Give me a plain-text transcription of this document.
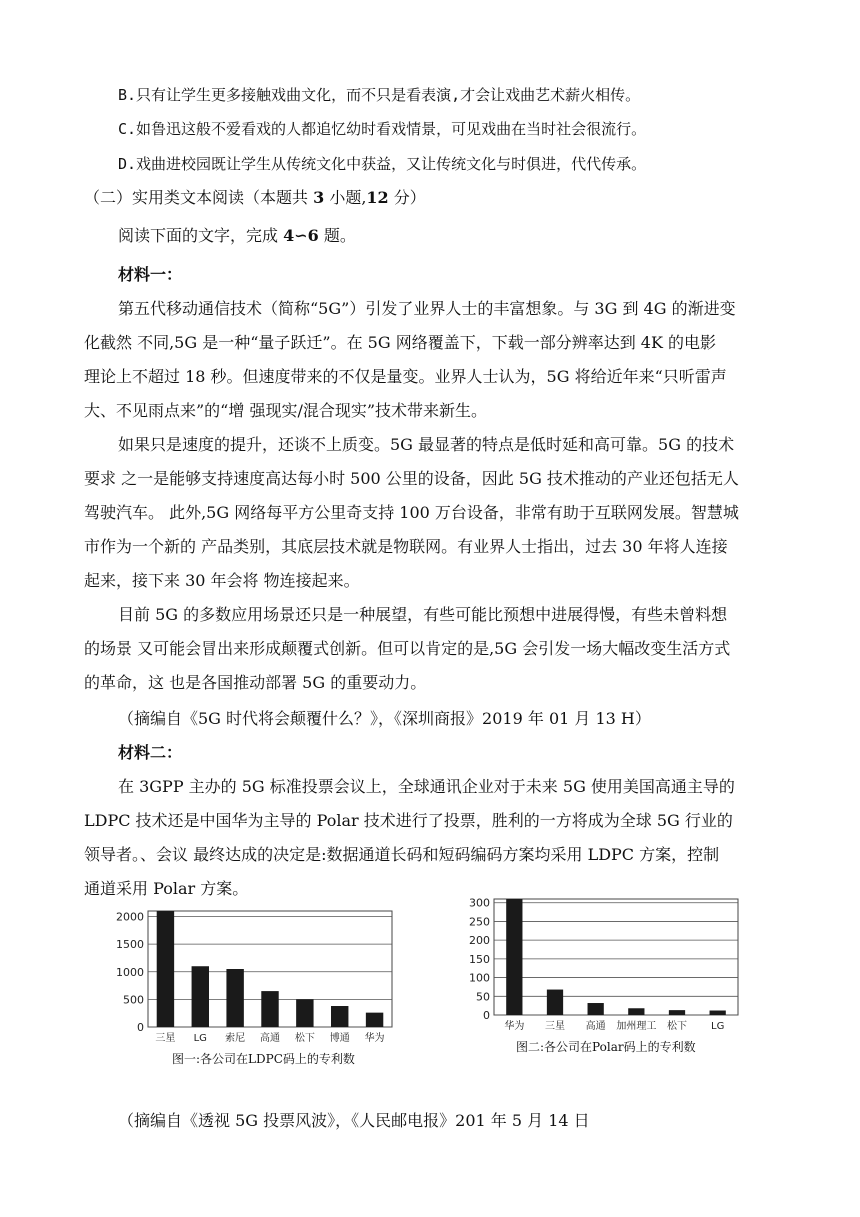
B.只有让学生更多接触戏曲文化，而不只是看表演,才会让戏曲艺术薪火相传。
C.如鲁迅这般不爱看戏的人都追忆幼时看戏情景，可见戏曲在当时社会很流行。
D.戏曲进校园既让学生从传统文化中获益，又让传统文化与时俱进，代代传承。
（二）实用类文本阅读（本题共 3 小题,12 分）
阅读下面的文字，完成 4∽6 题。
材料一：
第五代移动通信技术（简称“5G”）引发了业界人士的丰富想象。与 3G 到 4G 的渐进变
化截然 不同,5G 是一种“量子跃迁”。在 5G 网络覆盖下，下载一部分辨率达到 4K 的电影
理论上不超过 18 秒。但速度带来的不仅是量变。业界人士认为，5G 将给近年来“只听雷声
大、不见雨点来”的“增 强现实/混合现实”技术带来新生。
如果只是速度的提升，还谈不上质变。5G 最显著的特点是低时延和高可靠。5G 的技术
要求 之一是能够支持速度高达每小时 500 公里的设备，因此 5G 技术推动的产业还包括无人
驾驶汽车。 此外,5G 网络每平方公里奇支持 100 万台设备，非常有助于互联网发展。智慧城
市作为一个新的 产品类别，其底层技术就是物联网。有业界人士指出，过去 30 年将人连接
起来，接下来 30 年会将 物连接起来。
目前 5G 的多数应用场景还只是一种展望，有些可能比预想中进展得慢，有些未曾料想
的场景 又可能会冒出来形成颠覆式创新。但可以肯定的是,5G 会引发一场大幅改变生活方式
的革命，这 也是各国推动部署 5G 的重要动力。
（摘编自《5G 时代将会颠覆什么？》，《深圳商报》2019 年 01 月 13 H）
材料二：
在 3GPP 主办的 5G 标准投票会议上，全球通讯企业对于未来 5G 使用美国高通主导的
LDPC 技术还是中国华为主导的 Polar 技术进行了投票，胜利的一方将成为全球 5G 行业的
领导者。、会议 最终达成的决定是:数据通道长码和短码编码方案均采用 LDPC 方案，控制
通道采用 Polar 方案。
0
500
1000
1500
2000
三星 LG 索尼 高通 松下 博通 华为
图一:各公司在LDPC码上的专利数
0
50
100
150
200
250
300
华为 三星 高通 加州理工 松下 LG
图二:各公司在Polar码上的专利数
（摘编自《透视 5G 投票风波》，《人民邮电报》201 年 5 月 14 日
